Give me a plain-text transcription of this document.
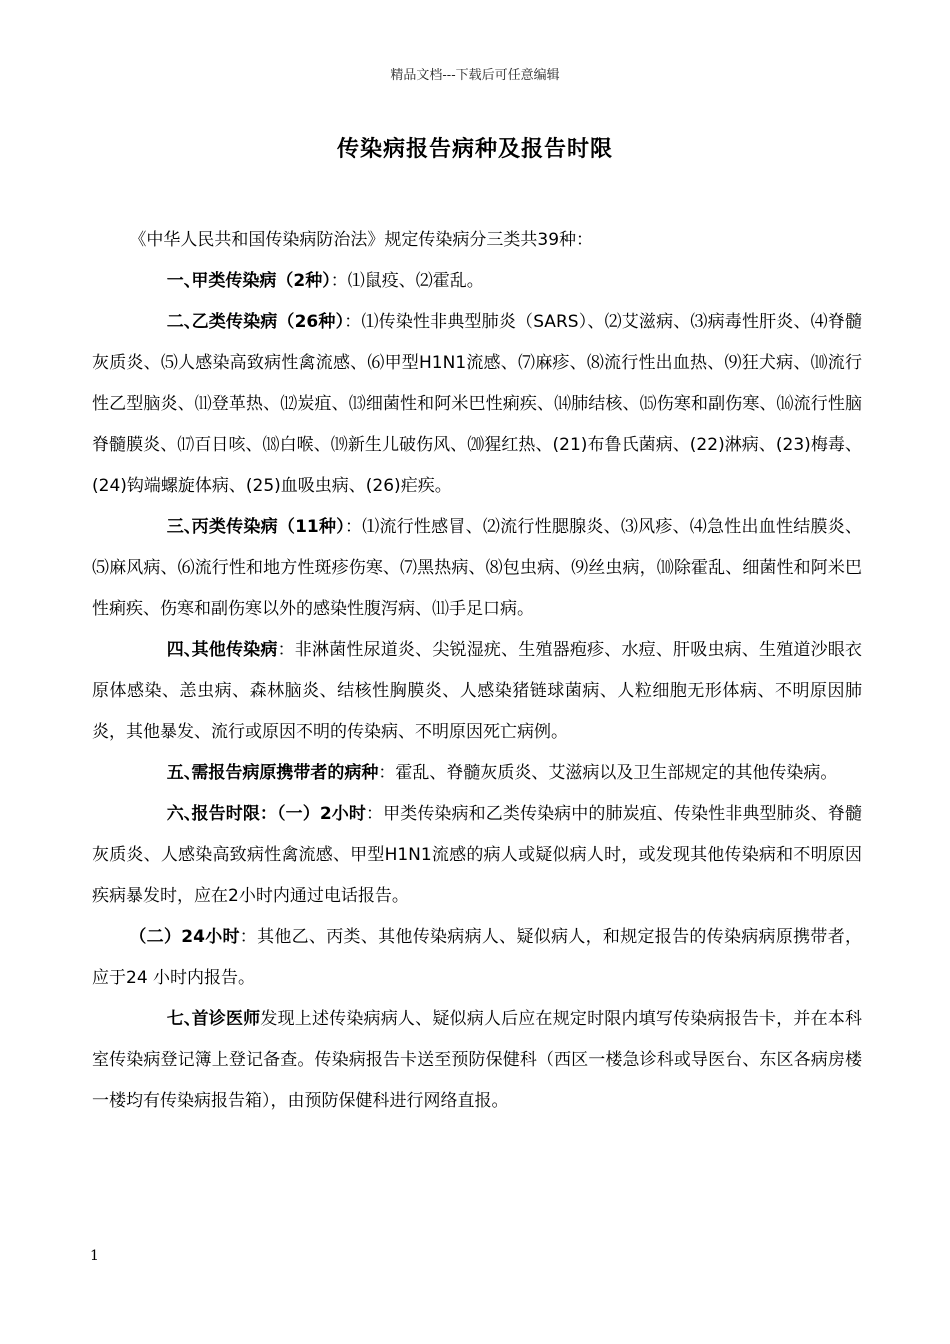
精品文档---下载后可任意编辑
传染病报告病种及报告时限

《中华人民共和国传染病防治法》规定传染病分三类共39种：

一、甲类传染病（2种）：⑴鼠疫、⑵霍乱。

二、乙类传染病（26种）：⑴传染性非典型肺炎（SARS）、⑵艾滋病、⑶病毒性肝炎、⑷脊髓灰质炎、⑸人感染高致病性禽流感、⑹甲型H1N1流感、⑺麻疹、⑻流行性出血热、⑼狂犬病、⑽流行性乙型脑炎、⑾登革热、⑿炭疽、⒀细菌性和阿米巴性痢疾、⒁肺结核、⒂伤寒和副伤寒、⒃流行性脑脊髓膜炎、⒄百日咳、⒅白喉、⒆新生儿破伤风、⒇猩红热、(21)布鲁氏菌病、(22)淋病、(23)梅毒、(24)钩端螺旋体病、(25)血吸虫病、(26)疟疾。

三、丙类传染病（11种）：⑴流行性感冒、⑵流行性腮腺炎、⑶风疹、⑷急性出血性结膜炎、⑸麻风病、⑹流行性和地方性斑疹伤寒、⑺黑热病、⑻包虫病、⑼丝虫病，⑽除霍乱、细菌性和阿米巴性痢疾、伤寒和副伤寒以外的感染性腹泻病、⑾手足口病。

四、其他传染病：非淋菌性尿道炎、尖锐湿疣、生殖器疱疹、水痘、肝吸虫病、生殖道沙眼衣原体感染、恙虫病、森林脑炎、结核性胸膜炎、人感染猪链球菌病、人粒细胞无形体病、不明原因肺炎，其他暴发、流行或原因不明的传染病、不明原因死亡病例。

五、需报告病原携带者的病种：霍乱、脊髓灰质炎、艾滋病以及卫生部规定的其他传染病。

六、报告时限：（一）2小时：甲类传染病和乙类传染病中的肺炭疽、传染性非典型肺炎、脊髓灰质炎、人感染高致病性禽流感、甲型H1N1流感的病人或疑似病人时，或发现其他传染病和不明原因疾病暴发时，应在2小时内通过电话报告。

（二）24小时：其他乙、丙类、其他传染病病人、疑似病人，和规定报告的传染病病原携带者，应于24 小时内报告。

七、首诊医师发现上述传染病病人、疑似病人后应在规定时限内填写传染病报告卡，并在本科室传染病登记簿上登记备查。传染病报告卡送至预防保健科（西区一楼急诊科或导医台、东区各病房楼一楼均有传染病报告箱），由预防保健科进行网络直报。

1
